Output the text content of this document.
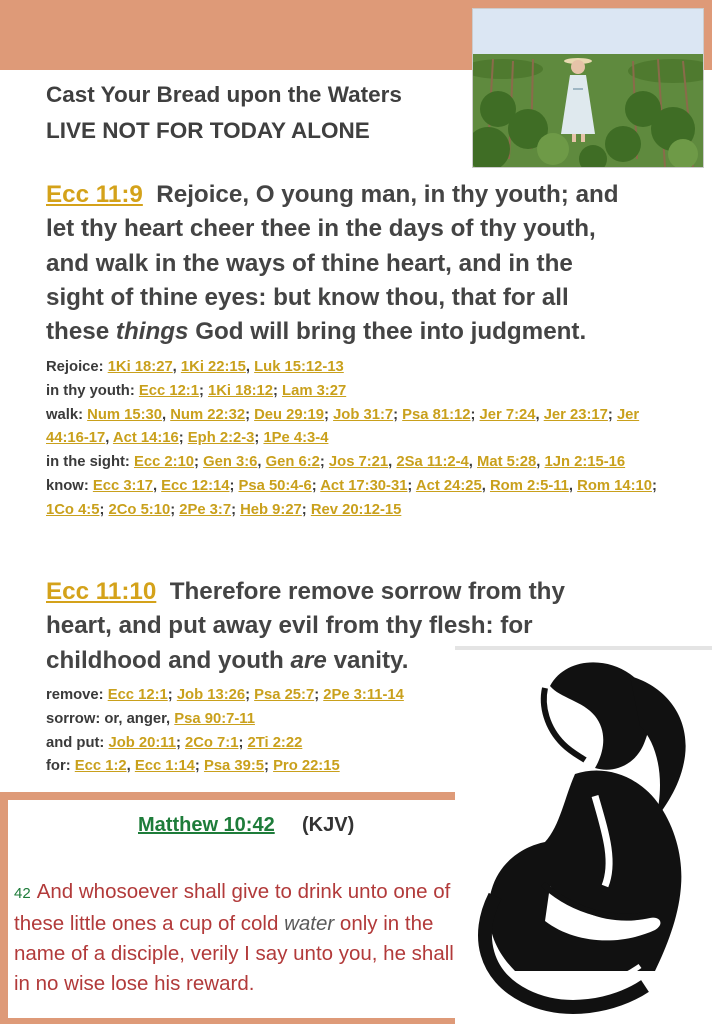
Cast Your Bread upon the Waters
LIVE NOT FOR TODAY ALONE
Ecc 11:9 Rejoice, O young man, in thy youth; and
let thy heart cheer thee in the days of thy youth,
and walk in the ways of thine heart, and in the
sight of thine eyes: but know thou, that for all
these things God will bring thee into judgment.
Rejoice: 1Ki 18:27, 1Ki 22:15, Luk 15:12-13
in thy youth: Ecc 12:1; 1Ki 18:12; Lam 3:27
walk: Num 15:30, Num 22:32; Deu 29:19; Job 31:7; Psa 81:12; Jer 7:24, Jer 23:17; Jer 44:16-17, Act 14:16; Eph 2:2-3; 1Pe 4:3-4
in the sight: Ecc 2:10; Gen 3:6, Gen 6:2; Jos 7:21, 2Sa 11:2-4, Mat 5:28, 1Jn 2:15-16
know: Ecc 3:17, Ecc 12:14; Psa 50:4-6; Act 17:30-31; Act 24:25, Rom 2:5-11, Rom 14:10; 1Co 4:5; 2Co 5:10; 2Pe 3:7; Heb 9:27; Rev 20:12-15
Ecc 11:10 Therefore remove sorrow from thy
heart, and put away evil from thy flesh: for
childhood and youth are vanity.
remove: Ecc 12:1; Job 13:26; Psa 25:7; 2Pe 3:11-14
sorrow: or, anger, Psa 90:7-11
and put: Job 20:11; 2Co 7:1; 2Ti 2:22
for: Ecc 1:2, Ecc 1:14; Psa 39:5; Pro 22:15
Matthew 10:42 (KJV)
42 And whosoever shall give to drink unto one of these little ones a cup of cold water only in the name of a disciple, verily I say unto you, he shall in no wise lose his reward.
